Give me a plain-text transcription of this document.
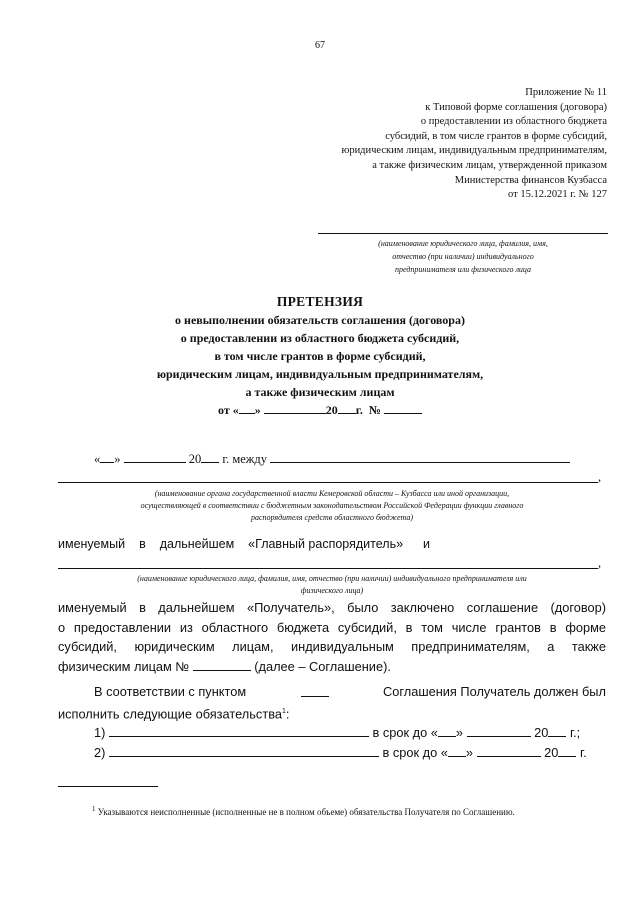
67
Приложение № 11
к Типовой форме соглашения (договора)
о предоставлении из областного бюджета
субсидий, в том числе грантов в форме субсидий,
юридическим лицам, индивидуальным предпринимателям,
а также физическим лицам, утвержденной приказом
Министерства финансов Кузбасса
от 15.12.2021 г. № 127
(наименование юридического лица, фамилия, имя,
отчество (при наличии) индивидуального
предпринимателя или физического лица
ПРЕТЕНЗИЯ
о невыполнении обязательств соглашения (договора)
о предоставлении из областного бюджета субсидий,
в том числе грантов в форме субсидий,
юридическим лицам, индивидуальным предпринимателям,
а также физическим лицам
от « »	20 г. №
« »	20 г. между
,
(наименование органа государственной власти Кемеровской области – Кузбасса или иной организации,
осуществляющей в соответствии с бюджетным законодательством Российской Федерации функции главного
распорядителя средств областного бюджета)
именуемый в дальнейшем «Главный распорядитель» и
,
(наименование юридического лица, фамилия, имя, отчество (при наличии) индивидуального предпринимателя или
физического лица)
именуемый в дальнейшем «Получатель», было заключено соглашение (договор)
о предоставлении из областного бюджета субсидий, в том числе грантов в форме
субсидий, юридическим лицам, индивидуальным предпринимателям, а также
физическим лицам №	(далее – Соглашение).
В соответствии с пунктом	Соглашения Получатель должен был
исполнить следующие обязательства$^1$:
1)	в срок до « »	20 г.;
2)	в срок до « »	20 г.
$^1$ Указываются неисполненные (исполненные не в полном объеме) обязательства Получателя по Соглашению.
